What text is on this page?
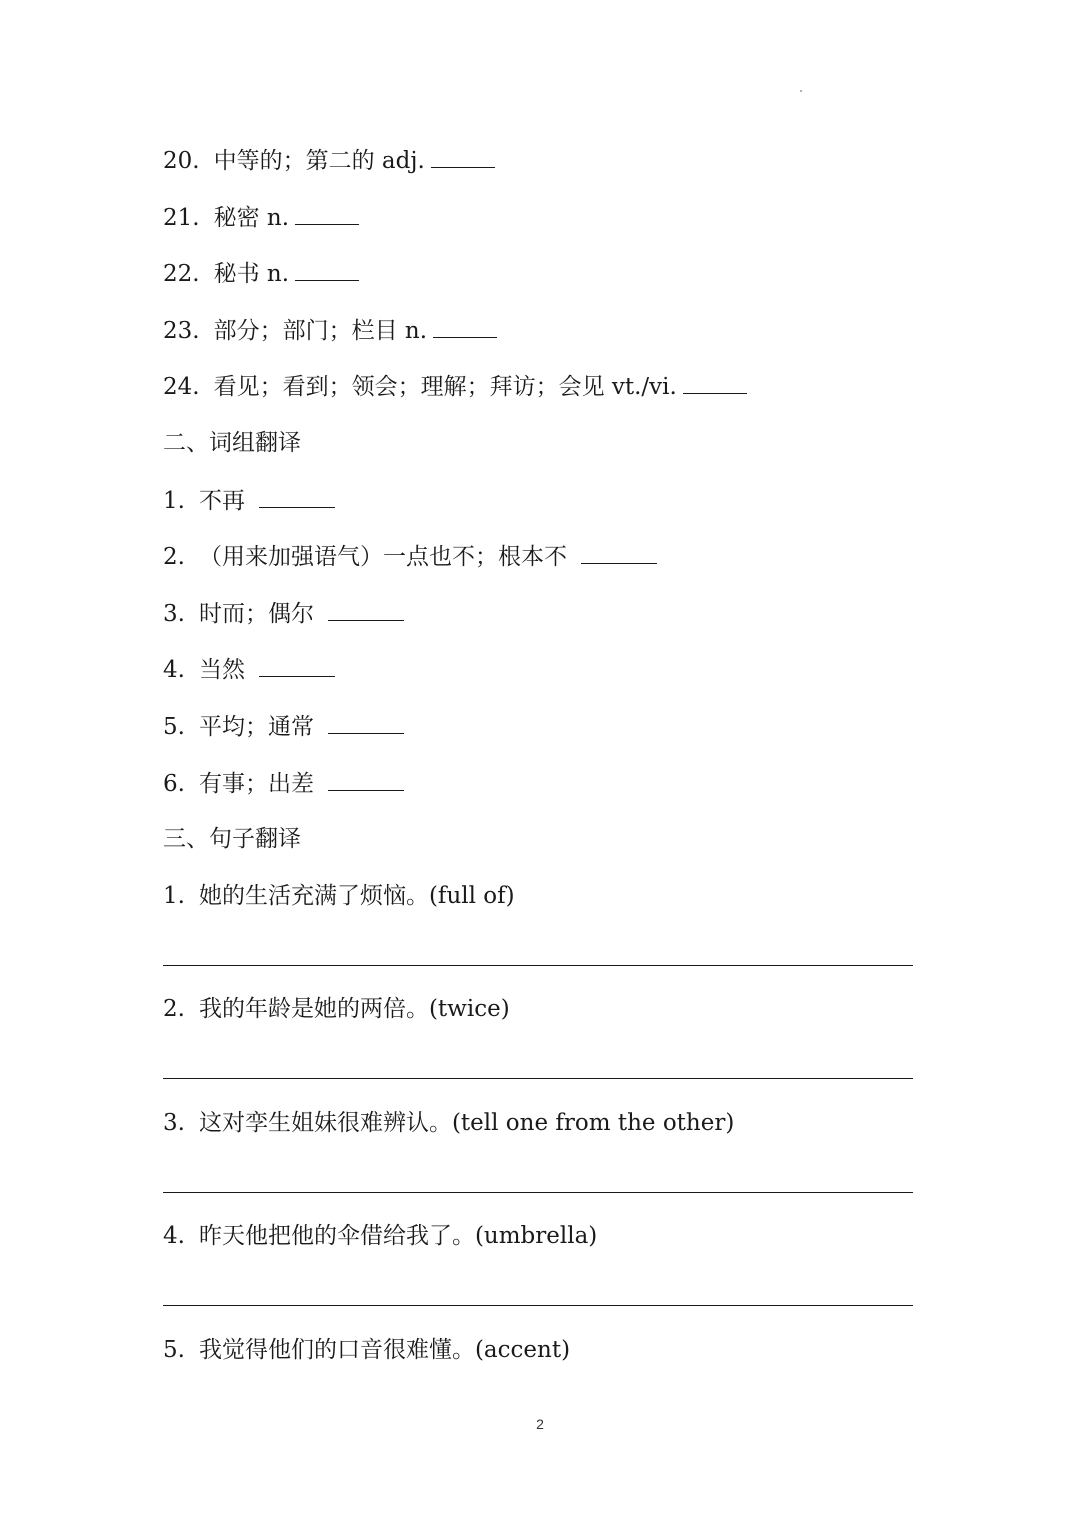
20. 中等的；第二的 adj.
21. 秘密 n.
22. 秘书 n.
23. 部分；部门；栏目 n.
24. 看见；看到；领会；理解；拜访；会见 vt./vi.
二、词组翻译
1. 不再
2. （用来加强语气）一点也不；根本不
3. 时而；偶尔
4. 当然
5. 平均；通常
6. 有事；出差
三、句子翻译
1. 她的生活充满了烦恼。(full of)
2. 我的年龄是她的两倍。(twice)
3. 这对孪生姐妹很难辨认。(tell one from the other)
4. 昨天他把他的伞借给我了。(umbrella)
5. 我觉得他们的口音很难懂。(accent)
2
